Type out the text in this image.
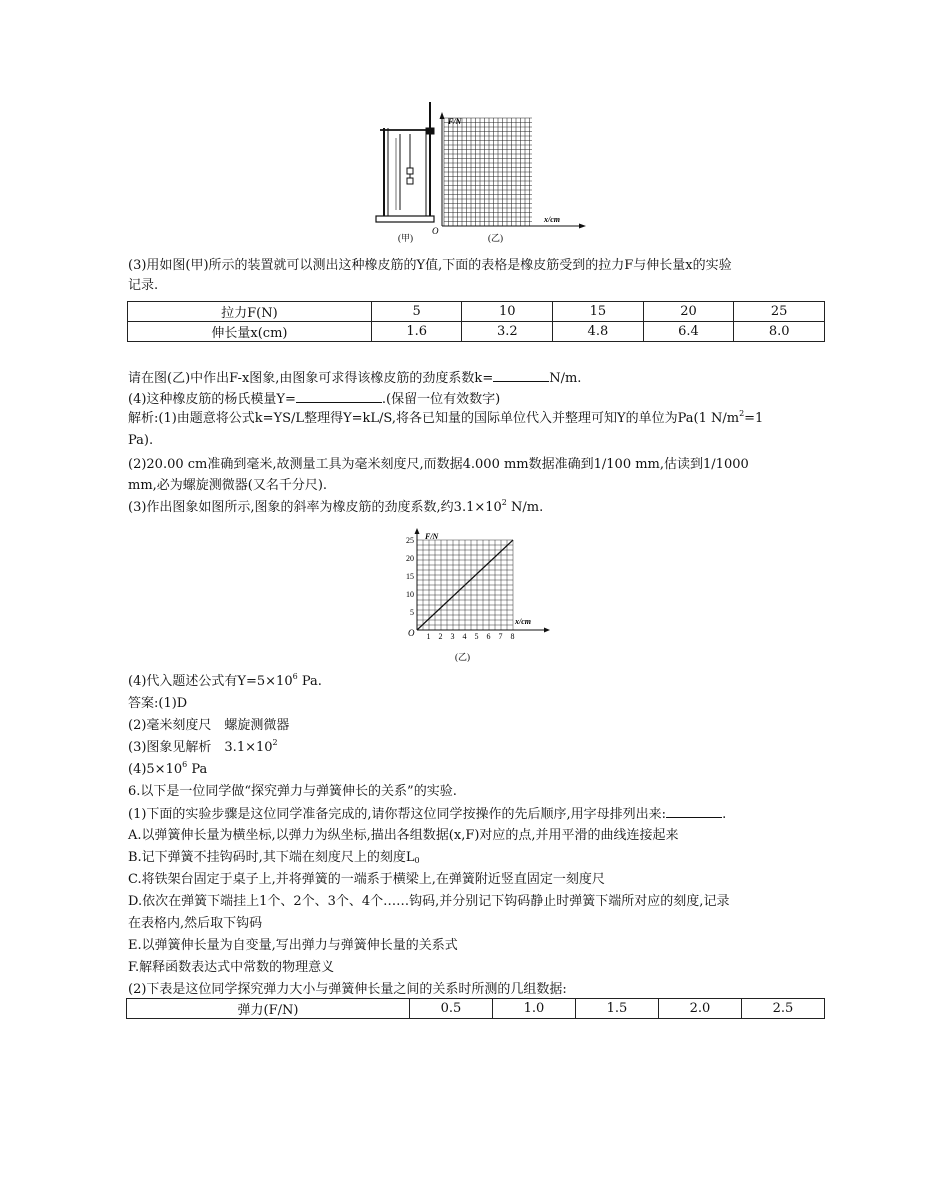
(甲)
F/N
x/cm
O
(乙)
(3)用如图(甲)所示的装置就可以测出这种橡皮筋的Y值,下面的表格是橡皮筋受到的拉力F与伸长量x的实验
记录.
拉力F(N)	5	10	15	20	25
伸长量x(cm)	1.6	3.2	4.8	6.4	8.0
请在图(乙)中作出F-x图象,由图象可求得该橡皮筋的劲度系数k=	N/m.
(4)这种橡皮筋的杨氏模量Y=	.(保留一位有效数字)
解析:(1)由题意将公式k=YS/L整理得Y=kL/S,将各已知量的国际单位代入并整理可知Y的单位为Pa(1 $N/m^2=1$
Pa).
(2)20.00 cm准确到毫米,故测量工具为毫米刻度尺,而数据4.000 mm数据准确到1/100 mm,估读到1/1000
mm,必为螺旋测微器(又名千分尺).
(3)作出图象如图所示,图象的斜率为橡皮筋的劲度系数,约$3.1\times 10^2$ N/m.
1 2 3 4 5 6 7 8
5
10
15
20
25 F/N
x/cm
O
(乙)
(4)代入题述公式有$Y=5\times 10^6$ Pa.
答案:(1)D
(2)毫米刻度尺　螺旋测微器
(3)图象见解析　$3.1\times 10^2$
$(4)5\times 10^6$ Pa
6.以下是一位同学做“探究弹力与弹簧伸长的关系”的实验.
(1)下面的实验步骤是这位同学准备完成的,请你帮这位同学按操作的先后顺序,用字母排列出来:	.
A.以弹簧伸长量为横坐标,以弹力为纵坐标,描出各组数据(x,F)对应的点,并用平滑的曲线连接起来
B.记下弹簧不挂钩码时,其下端在刻度尺上的刻度$L_0$
C.将铁架台固定于桌子上,并将弹簧的一端系于横梁上,在弹簧附近竖直固定一刻度尺
D.依次在弹簧下端挂上1个、2个、3个、4个……钩码,并分别记下钩码静止时弹簧下端所对应的刻度,记录
在表格内,然后取下钩码
E.以弹簧伸长量为自变量,写出弹力与弹簧伸长量的关系式
F.解释函数表达式中常数的物理意义
(2)下表是这位同学探究弹力大小与弹簧伸长量之间的关系时所测的几组数据:
弹力(F/N)	0.5	1.0	1.5	2.0	2.5
